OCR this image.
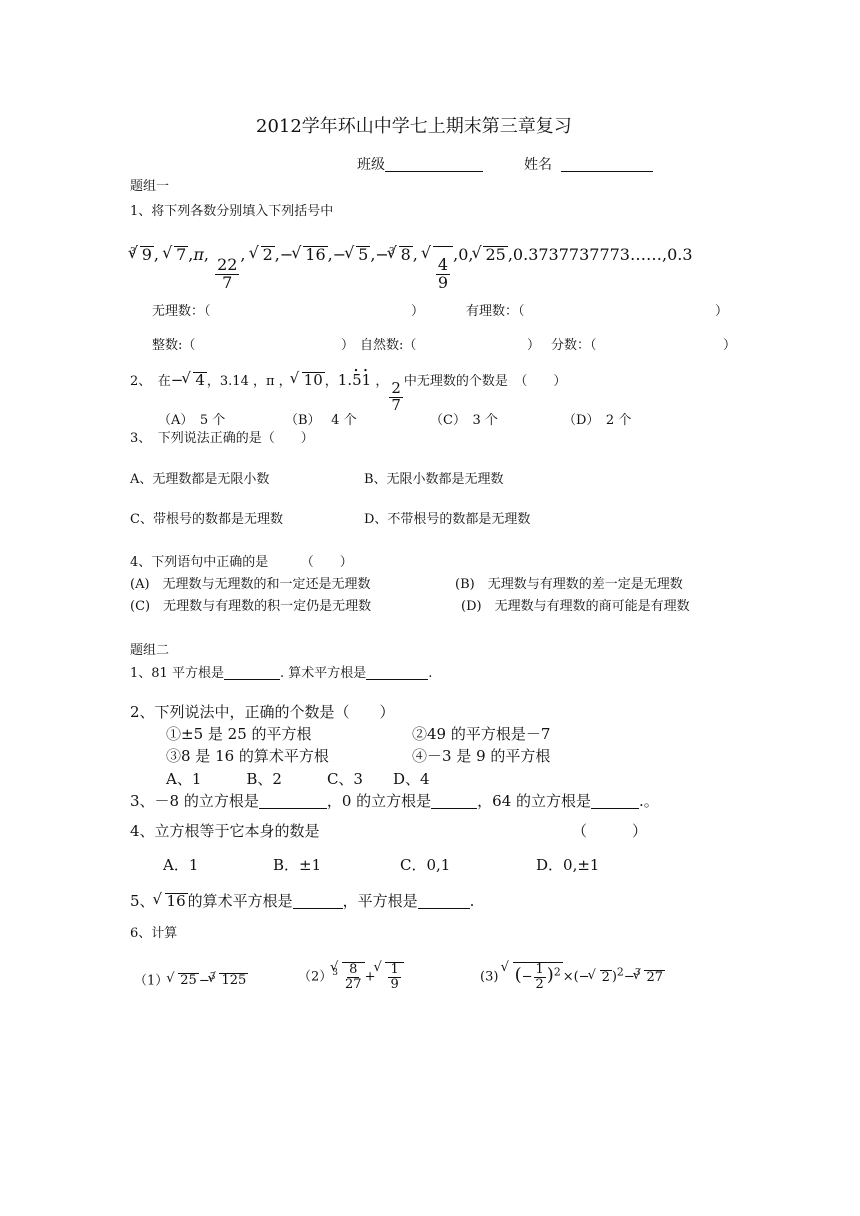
2012学年环山中学七上期末第三章复习
班级	姓名
题组一
1、将下列各数分别填入下列括号中
$^3$ √ 9 , √ 7 ,π,
$\frac{22}{7}$
, √ 2 ,− √ 16 ,− √ 5 ,−$^3$ √ 8 ,
√ $\frac{4}{9}$
,0, √ 25 ,0.3737737773……,0.3
无理数：（	）	有理数：（	）
整数:（	） 自然数:（	） 分数：（	）
2、　在− √ 4 ，3.14 ，π ， √ 10 ，1.5 .1 . ， $\frac{2}{7}$ 中无理数的个数是　（　　）
（A）　5 个	（B）　 4 个	（C）　3 个	（D）　2 个
3、　下列说法正确的是（　　）
A、无理数都是无限小数	B、无限小数都是无理数
C、带根号的数都是无理数	D、不带根号的数都是无理数
4、下列语句中正确的是　　　（　　）
(A)　无理数与无理数的和一定还是无理数	(B)　无理数与有理数的差一定是无理数
(C)　无理数与有理数的积一定仍是无理数	(D)　无理数与有理数的商可能是有理数
题组二
1、81 平方根是	. 算术平方根是	.
2、下列说法中，正确的个数是（　　）
①±5 是 25 的平方根	②49 的平方根是－7
③8 是 16 的算术平方根	④－3 是 9 的平方根
A、1　　　B、2　　　C、3　　D、4
3、－8 的立方根是	，0 的立方根是	，64 的立方根是	.。
4、立方根等于它本身的数是	（　　　）
A．1	B．±1	C．0,1	D．0,±1
5、 √ 16 的算术平方根是	，平方根是	.
6、计算
（1） √ 25 −$^3$ √ 125	$(2)^3$ √ $\frac{8}{27}$ + √ $\frac{1}{9}$	(3) √ (− $\frac{1}{2} )^2$ ×(− √ 2 )$^2$−$^3$ √ 27
